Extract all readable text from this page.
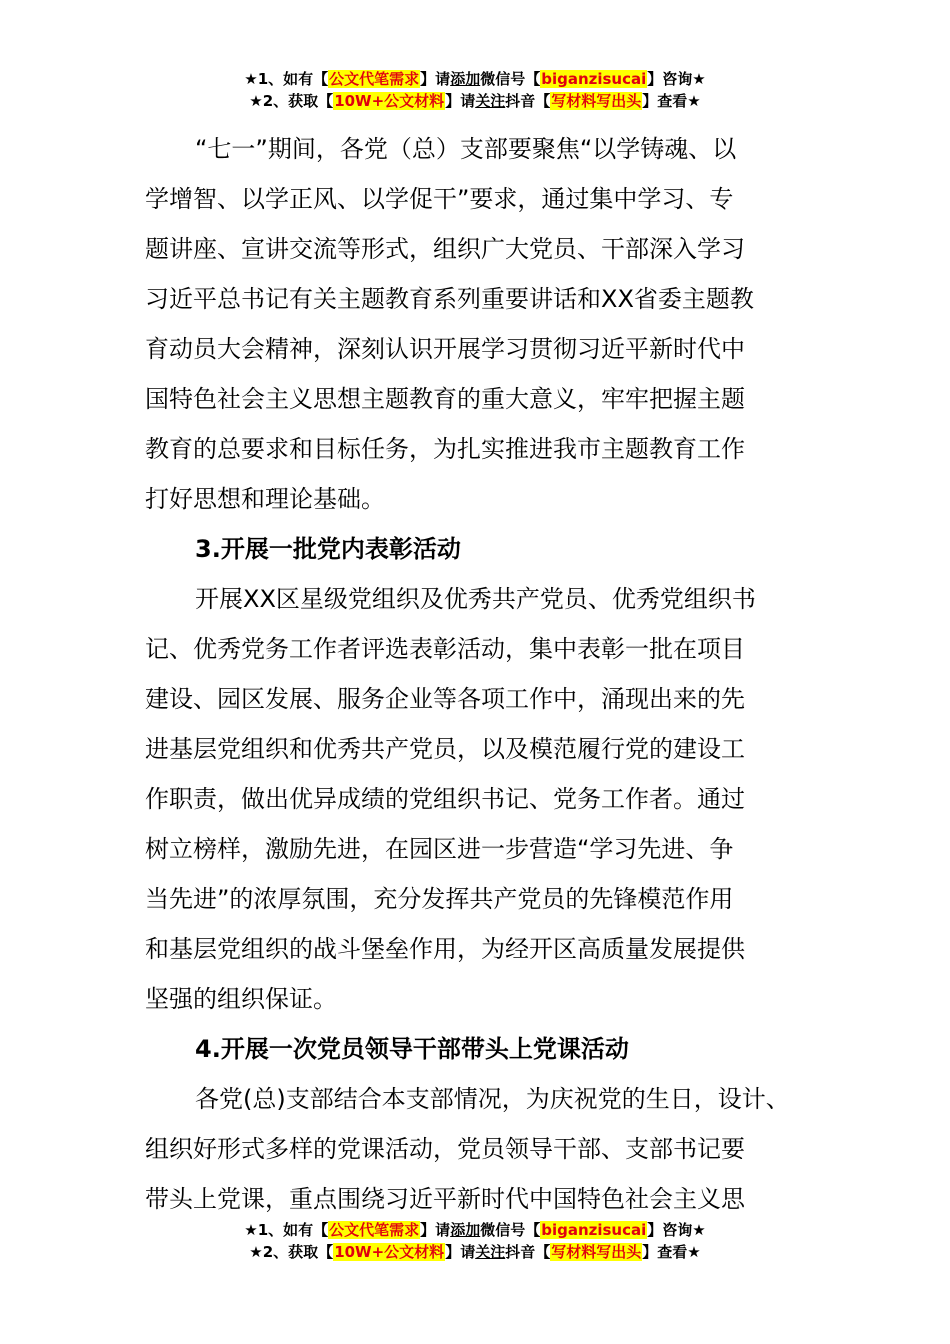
★1、如有【公文代笔需求】请添加微信号【biganzisucai】咨询★
★2、获取【10W+公文材料】请关注抖音【写材料写出头】查看★

“七一”期间，各党（总）支部要聚焦“以学铸魂、以

学增智、以学正风、以学促干”要求，通过集中学习、专

题讲座、宣讲交流等形式，组织广大党员、干部深入学习

习近平总书记有关主题教育系列重要讲话和XX省委主题教

育动员大会精神，深刻认识开展学习贯彻习近平新时代中

国特色社会主义思想主题教育的重大意义，牢牢把握主题

教育的总要求和目标任务，为扎实推进我市主题教育工作

打好思想和理论基础。

3.开展一批党内表彰活动

开展XX区星级党组织及优秀共产党员、优秀党组织书

记、优秀党务工作者评选表彰活动，集中表彰一批在项目

建设、园区发展、服务企业等各项工作中，涌现出来的先

进基层党组织和优秀共产党员，以及模范履行党的建设工

作职责，做出优异成绩的党组织书记、党务工作者。通过

树立榜样，激励先进，在园区进一步营造“学习先进、争

当先进”的浓厚氛围，充分发挥共产党员的先锋模范作用

和基层党组织的战斗堡垒作用，为经开区高质量发展提供

坚强的组织保证。

4.开展一次党员领导干部带头上党课活动

各党(总)支部结合本支部情况，为庆祝党的生日，设计、

组织好形式多样的党课活动，党员领导干部、支部书记要

带头上党课，重点围绕习近平新时代中国特色社会主义思

★1、如有【公文代笔需求】请添加微信号【biganzisucai】咨询★
★2、获取【10W+公文材料】请关注抖音【写材料写出头】查看★
